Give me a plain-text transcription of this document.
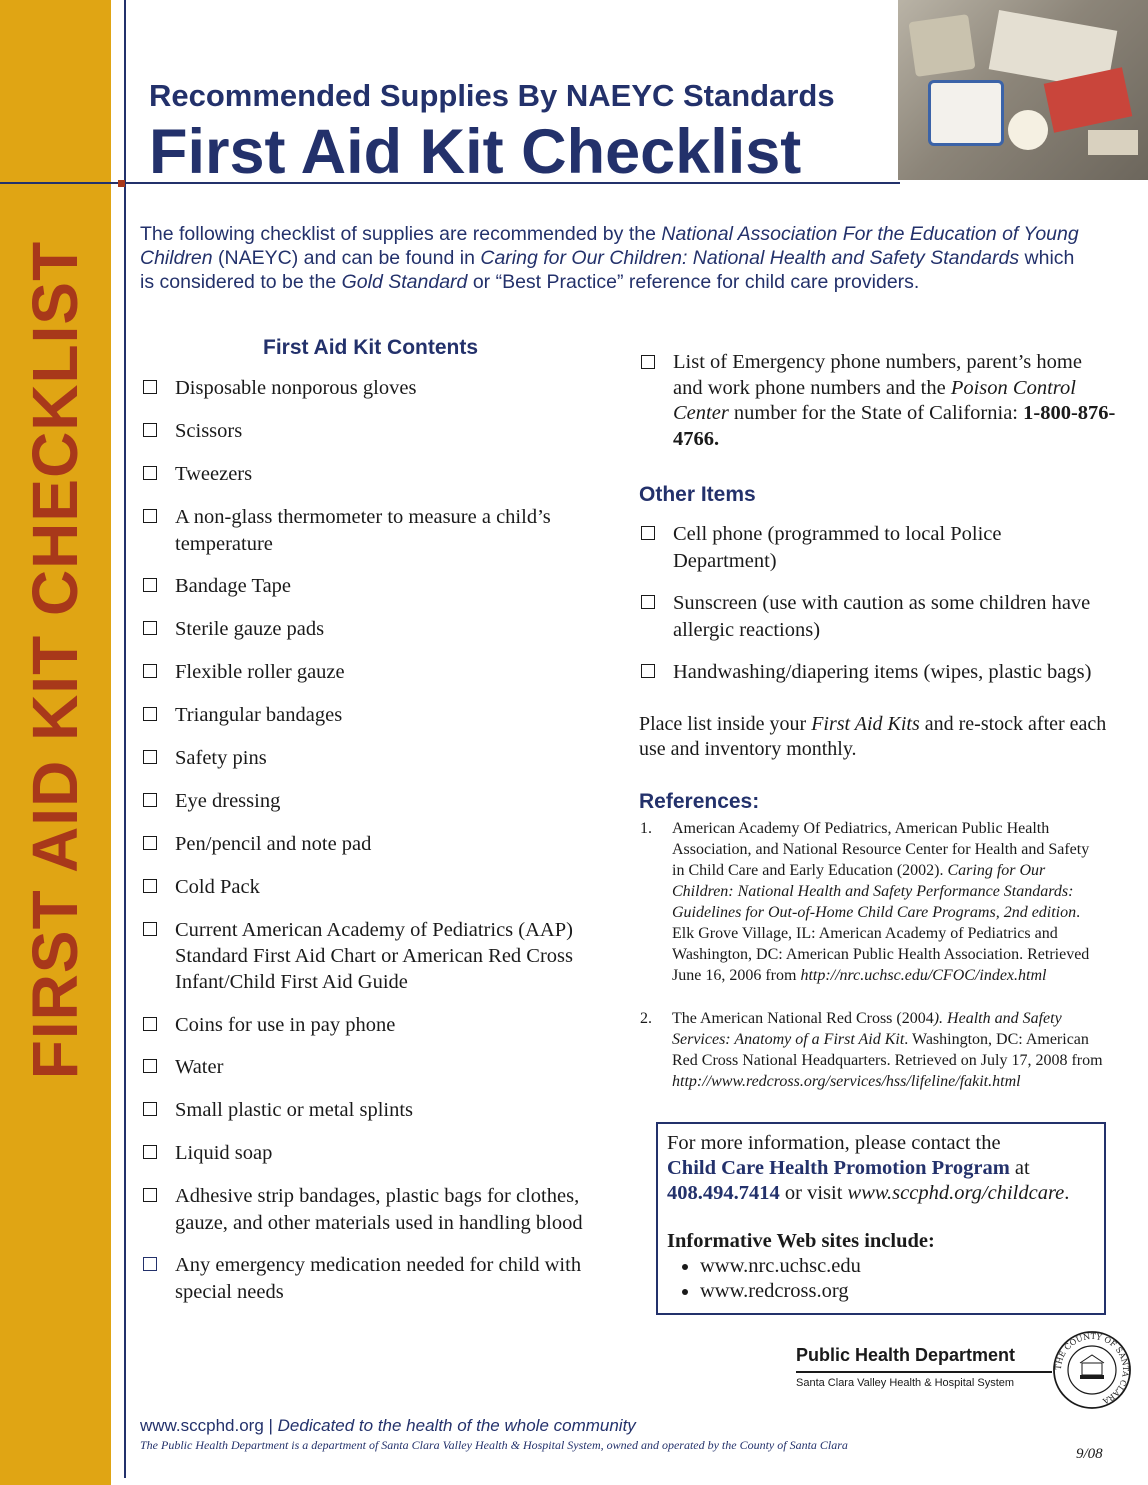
FIRST AID KIT CHECKLIST
Recommended Supplies By NAEYC Standards
First Aid Kit Checklist
The following checklist of supplies are recommended by the National Association For the Education of Young Children (NAEYC) and can be found in Caring for Our Children: National Health and Safety Standards which is considered to be the Gold Standard or “Best Practice” reference for child care providers.
First Aid Kit Contents
Disposable nonporous gloves
Scissors
Tweezers
A non-glass thermometer to measure a child’s temperature
Bandage Tape
Sterile gauze pads
Flexible roller gauze
Triangular bandages
Safety pins
Eye dressing
Pen/pencil and note pad
Cold Pack
Current American Academy of Pediatrics (AAP) Standard First Aid Chart or American Red Cross Infant/Child First Aid Guide
Coins for use in pay phone
Water
Small plastic or metal splints
Liquid soap
Adhesive strip bandages, plastic bags for clothes, gauze, and other materials used in handling blood
Any emergency medication needed for child with special needs
List of Emergency phone numbers, parent’s home and work phone numbers and the Poison Control Center number for the State of California: 1-800-876-4766.
Other Items
Cell phone (programmed to local Police Department)
Sunscreen (use with caution as some children have allergic reactions)
Handwashing/diapering items (wipes, plastic bags)
Place list inside your First Aid Kits and re-stock after each use and inventory monthly.
References:
1. American Academy Of Pediatrics, American Public Health Association, and National Resource Center for Health and Safety in Child Care and Early Education (2002). Caring for Our Children: National Health and Safety Performance Standards: Guidelines for Out-of-Home Child Care Programs, 2nd edition. Elk Grove Village, IL: American Academy of Pediatrics and Washington, DC: American Public Health Association. Retrieved June 16, 2006 from http://nrc.uchsc.edu/CFOC/index.html
2. The American National Red Cross (2004). Health and Safety Services: Anatomy of a First Aid Kit. Washington, DC: American Red Cross National Headquarters. Retrieved on July 17, 2008 from http://www.redcross.org/services/hss/lifeline/fakit.html
For more information, please contact the
Child Care Health Promotion Program at
408.494.7414 or visit www.sccphd.org/childcare.
Informative Web sites include:
• www.nrc.uchsc.edu
• www.redcross.org
Public Health Department
Santa Clara Valley Health & Hospital System
THE COUNTY OF SANTA CLARA
www.sccphd.org | Dedicated to the health of the whole community
The Public Health Department is a department of Santa Clara Valley Health & Hospital System, owned and operated by the County of Santa Clara
9/08
